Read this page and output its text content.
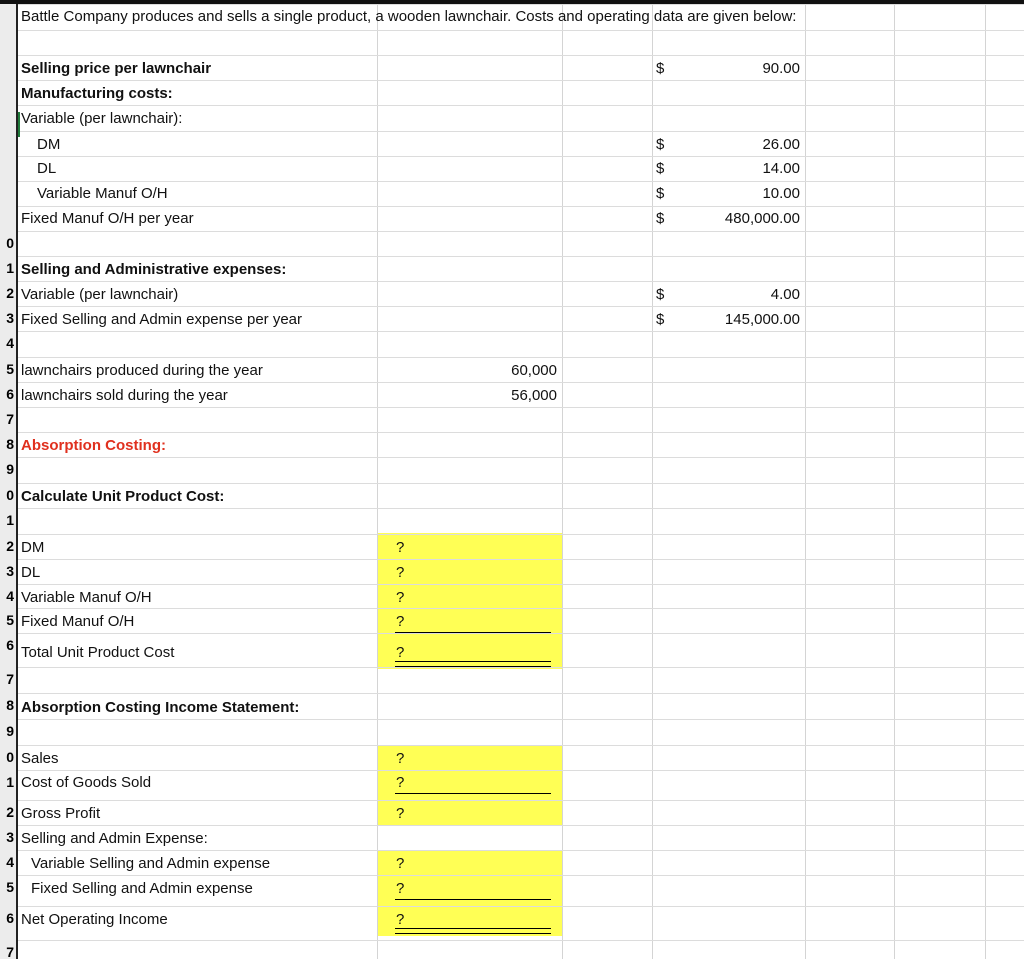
0
1
2
3
4
5
6
7
8
9
0
1
2
3
4
5
6
7
8
9
0
1
2
3
4
5
6
7
Battle Company produces and sells a single product, a wooden lawnchair. Costs and operating data are given below:
Selling price per lawnchair	$	90.00
Manufacturing costs:
Variable (per lawnchair):
DM	$	26.00
DL	$	14.00
Variable Manuf O/H	$	10.00
Fixed Manuf O/H per year	$	480,000.00
Selling and Administrative expenses:
Variable (per lawnchair)	$	4.00
Fixed Selling and Admin expense per year	$	145,000.00
lawnchairs produced during the year	60,000
lawnchairs sold during the year	56,000
Absorption Costing:
Calculate Unit Product Cost:
DM	?
DL	?
Variable Manuf O/H	?
Fixed Manuf O/H	?
Total Unit Product Cost	?
Absorption Costing Income Statement:
Sales	?
Cost of Goods Sold	?
Gross Profit	?
Selling and Admin Expense:
Variable Selling and Admin expense	?
Fixed Selling and Admin expense	?
Net Operating Income	?
